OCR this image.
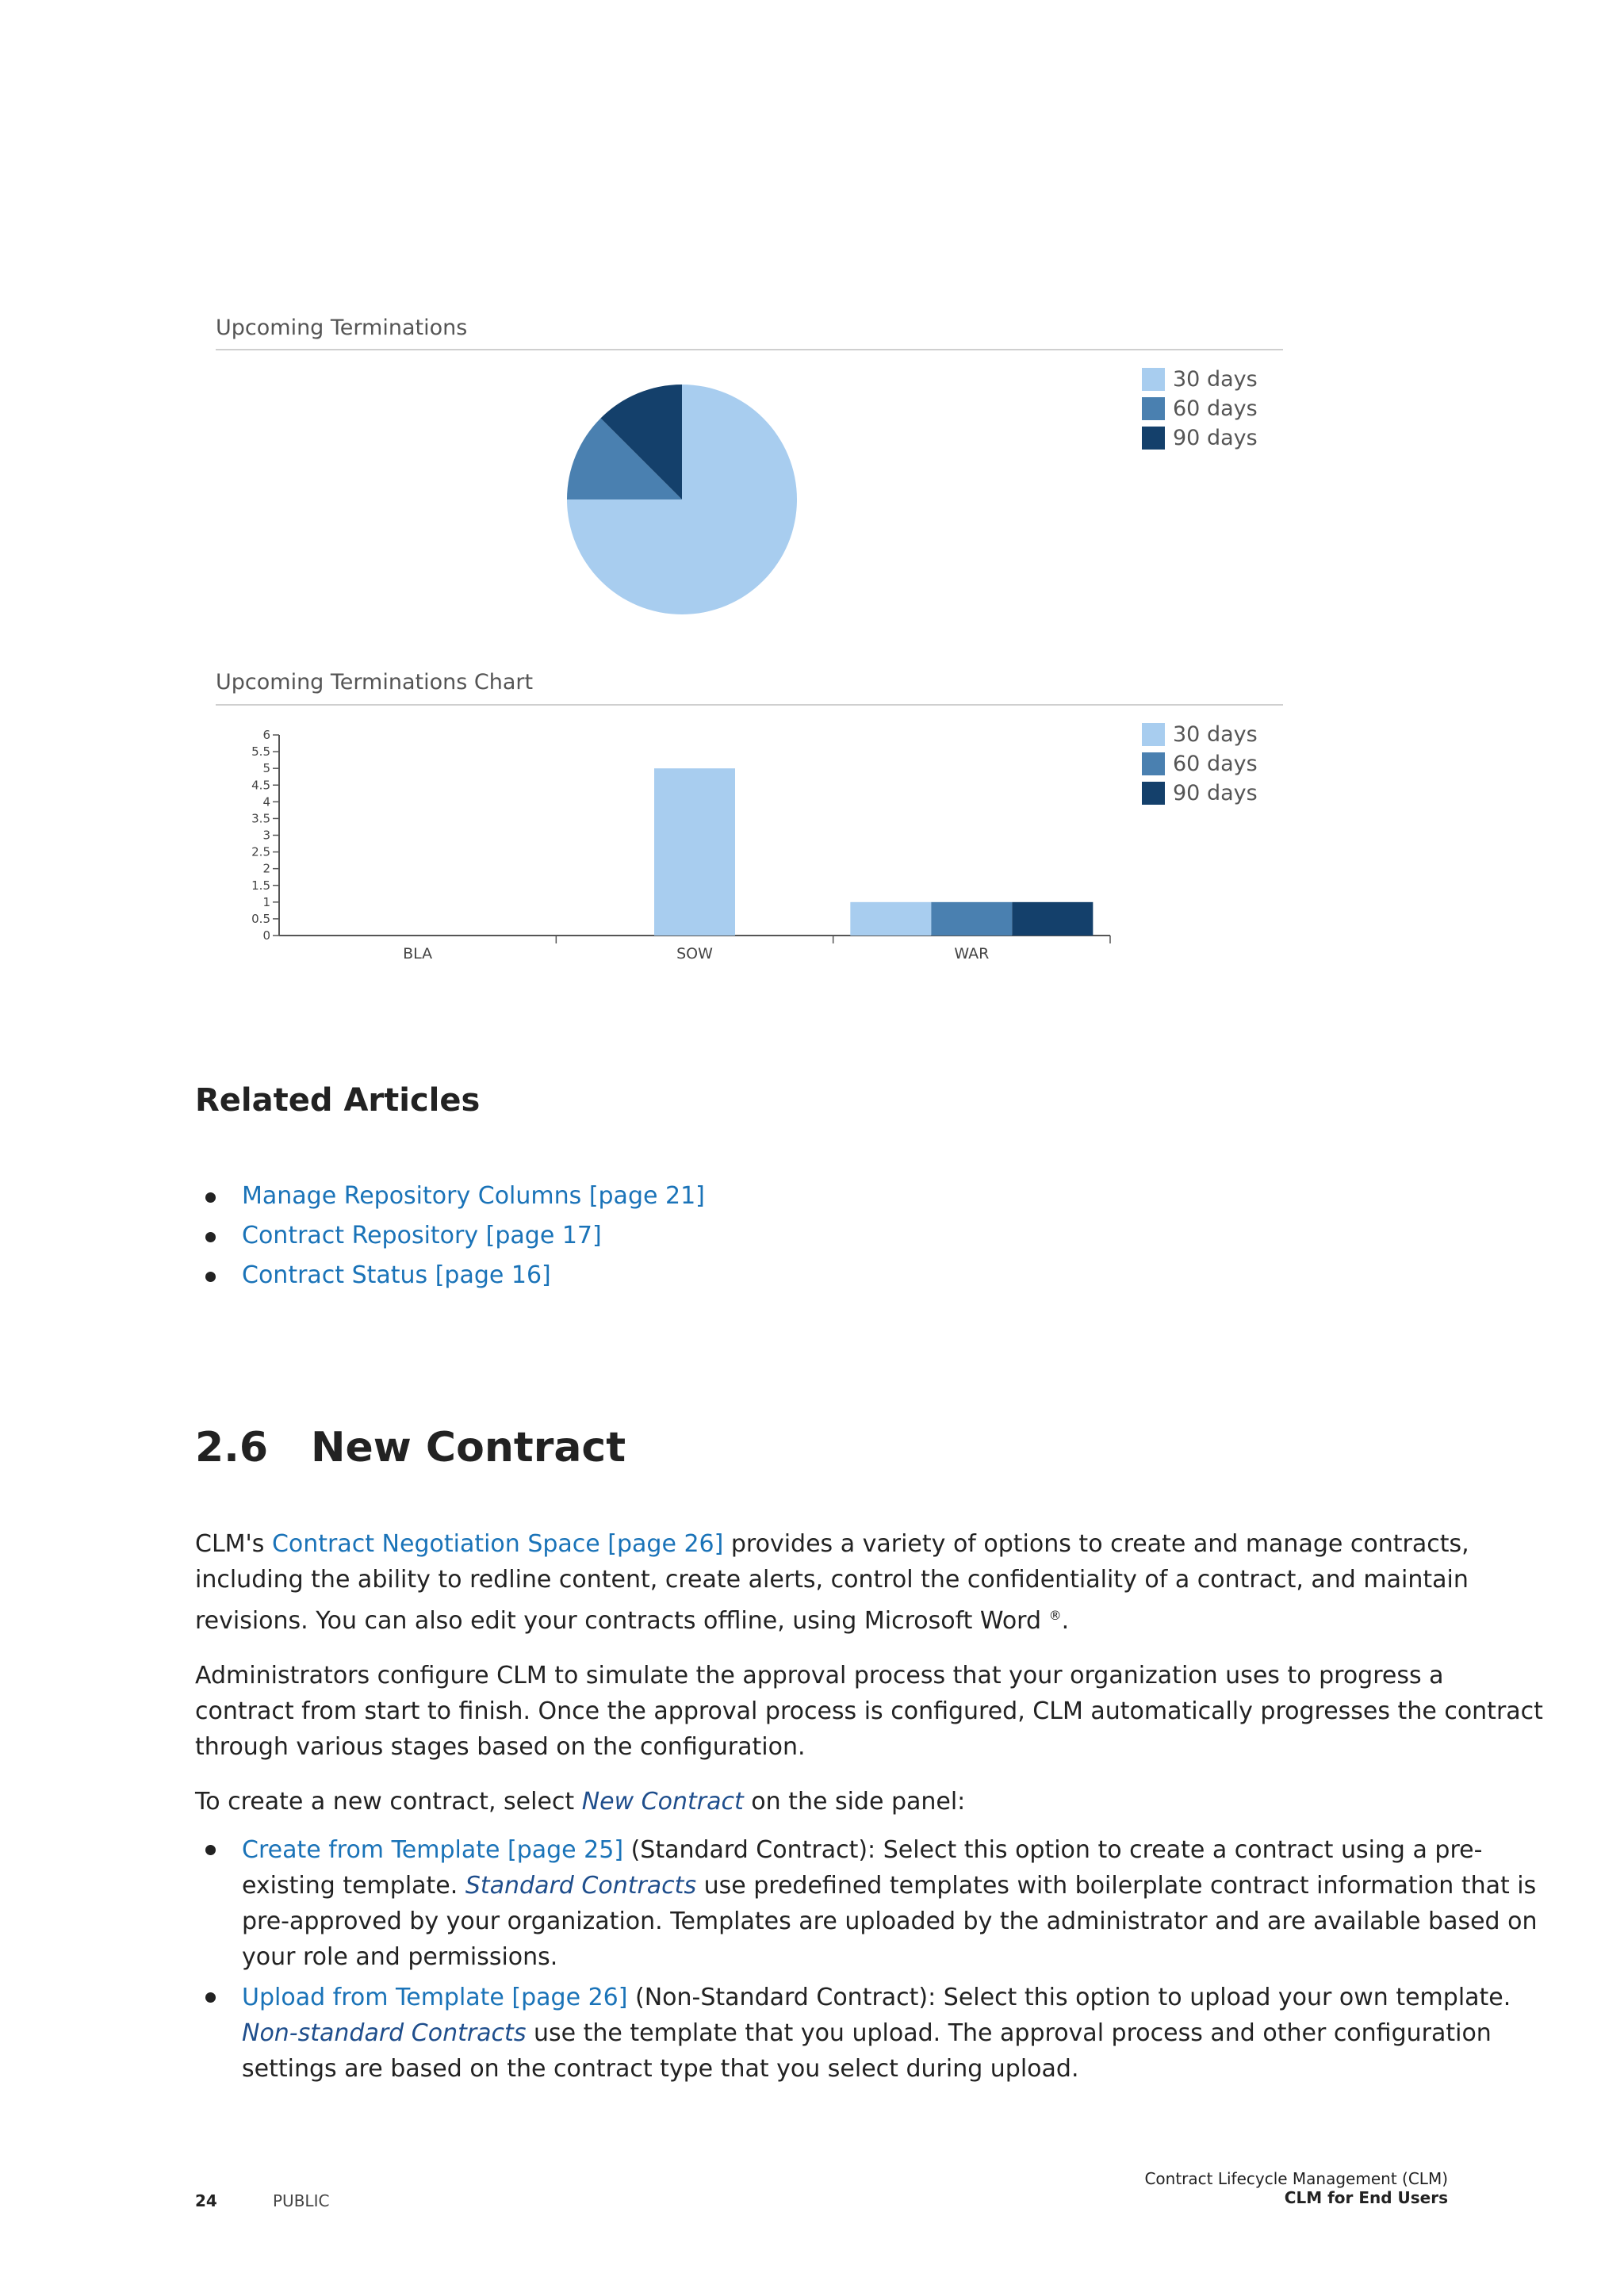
Upcoming Terminations
30 days
60 days
90 days
Upcoming Terminations Chart
0
0.5
1
1.5
2
2.5
3
3.5
4
4.5
5
5.5
6
BLA	SOW	WAR
30 days
60 days
90 days
Related Articles
Manage Repository Columns [page 21]
Contract Repository [page 17]
Contract Status [page 16]
2.6	New Contract

CLM's Contract Negotiation Space [page 26] provides a variety of options to create and manage contracts, including the ability to redline content, create alerts, control the confidentiality of a contract, and maintain revisions. You can also edit your contracts offline, using Microsoft Word ®.

Administrators configure CLM to simulate the approval process that your organization uses to progress a contract from start to finish. Once the approval process is configured, CLM automatically progresses the contract through various stages based on the configuration.

To create a new contract, select New Contract on the side panel:

Create from Template [page 25] (Standard Contract): Select this option to create a contract using a pre-existing template. Standard Contracts use predefined templates with boilerplate contract information that is pre-approved by your organization. Templates are uploaded by the administrator and are available based on your role and permissions.
Upload from Template [page 26] (Non-Standard Contract): Select this option to upload your own template. Non-standard Contracts use the template that you upload. The approval process and other configuration settings are based on the contract type that you select during upload.
24	PUBLIC
Contract Lifecycle Management (CLM)
CLM for End Users
